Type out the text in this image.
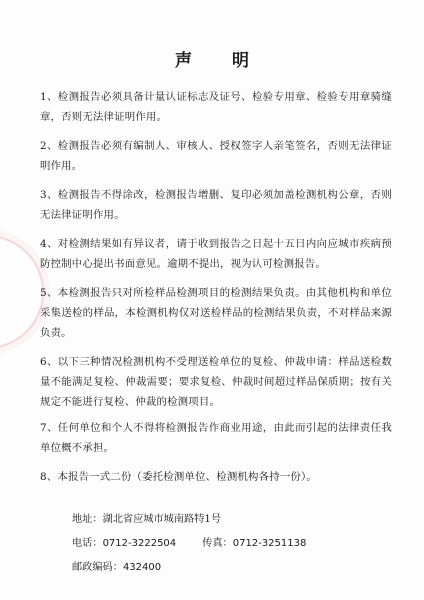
声明
1、检测报告必须具备计量认证标志及证号、检验专用章、检验专用章骑缝章，否则无法律证明作用。
2、检测报告必须有编制人、审核人、授权签字人亲笔签名，否则无法律证明作用。
3、检测报告不得涂改，检测报告增删、复印必须加盖检测机构公章，否则无法律证明作用。
4、对检测结果如有异议者，请于收到报告之日起十五日内向应城市疾病预防控制中心提出书面意见。逾期不提出，视为认可检测报告。
5、本检测报告只对所检样品检测项目的检测结果负责。由其他机构和单位采集送检的样品，本检测机构仅对送检样品的检测结果负责，不对样品来源负责。
6、以下三种情况检测机构不受理送检单位的复检、仲裁申请：样品送检数量不能满足复检、仲裁需要；要求复检、仲裁时间超过样品保质期；按有关规定不能进行复检、仲裁的检测项目。
7、任何单位和个人不得将检测报告作商业用途，由此而引起的法律责任我单位概不承担。
8、本报告一式二份（委托检测单位、检测机构各持一份）。
地址：湖北省应城市城南路特1号
电话：0712-3222504	传真：0712-3251138
邮政编码：432400
